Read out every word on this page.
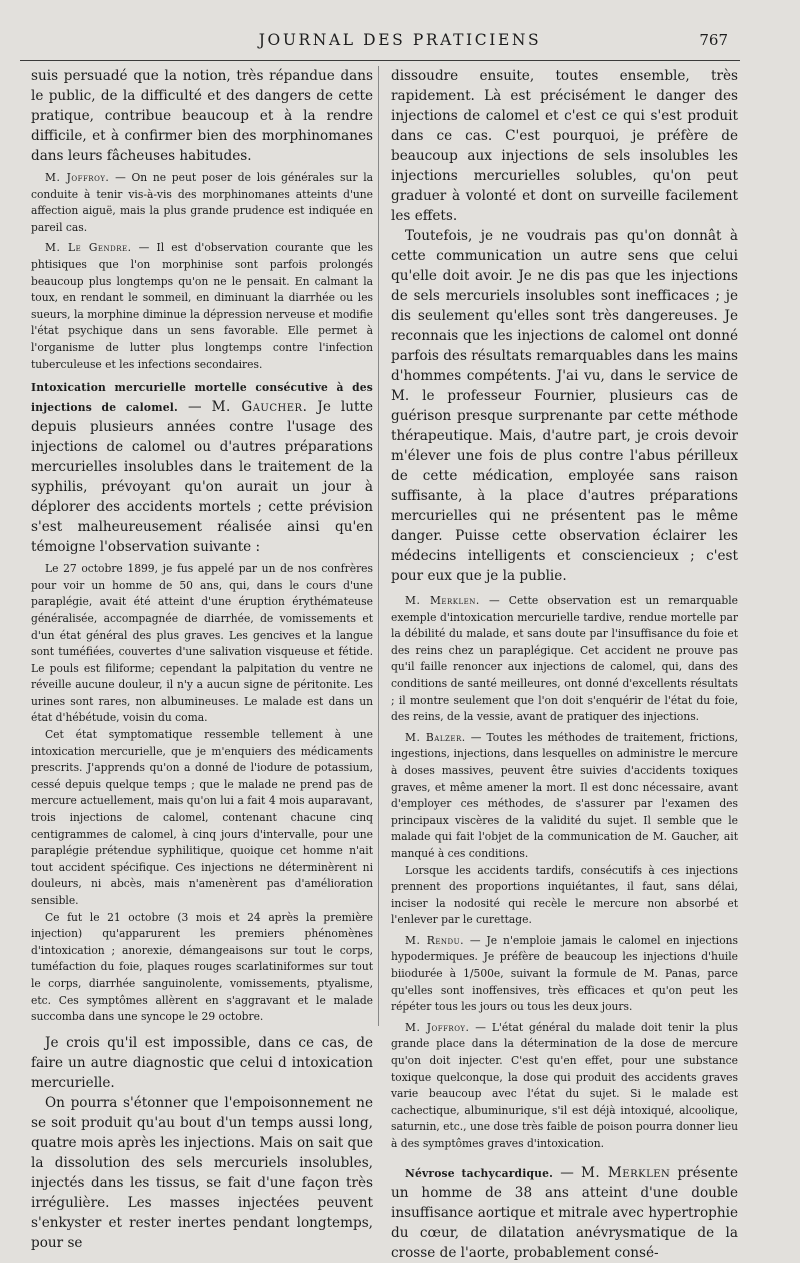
JOURNAL DES PRATICIENS	767

suis persuadé que la notion, très répandue dans le public, de la difficulté et des dangers de cette pratique, contribue beaucoup et à la rendre difficile, et à confirmer bien des morphinomanes dans leurs fâcheuses habitudes.

M. Joffroy. — On ne peut poser de lois générales sur la conduite à tenir vis-à-vis des morphinomanes atteints d'une affection aiguë, mais la plus grande prudence est indiquée en pareil cas.

M. Le Gendre. — Il est d'observation courante que les phtisiques que l'on morphinise sont parfois prolongés beaucoup plus longtemps qu'on ne le pensait. En calmant la toux, en rendant le sommeil, en diminuant la diarrhée ou les sueurs, la morphine diminue la dépression nerveuse et modifie l'état psychique dans un sens favorable. Elle permet à l'organisme de lutter plus longtemps contre l'infection tuberculeuse et les infections secondaires.

Intoxication mercurielle mortelle consécutive à des injections de calomel. — M. Gaucher. Je lutte depuis plusieurs années contre l'usage des injections de calomel ou d'autres préparations mercurielles insolubles dans le traitement de la syphilis, prévoyant qu'on aurait un jour à déplorer des accidents mortels ; cette prévision s'est malheureusement réalisée ainsi qu'en témoigne l'observation suivante :

Le 27 octobre 1899, je fus appelé par un de nos confrères pour voir un homme de 50 ans, qui, dans le cours d'une paraplégie, avait été atteint d'une éruption érythémateuse généralisée, accompagnée de diarrhée, de vomissements et d'un état général des plus graves. Les gencives et la langue sont tuméfiées, couvertes d'une salivation visqueuse et fétide. Le pouls est filiforme; cependant la palpitation du ventre ne réveille aucune douleur, il n'y a aucun signe de péritonite. Les urines sont rares, non albumineuses. Le malade est dans un état d'hébétude, voisin du coma.

Cet état symptomatique ressemble tellement à une intoxication mercurielle, que je m'enquiers des médicaments prescrits. J'apprends qu'on a donné de l'iodure de potassium, cessé depuis quelque temps ; que le malade ne prend pas de mercure actuellement, mais qu'on lui a fait 4 mois auparavant, trois injections de calomel, contenant chacune cinq centigrammes de calomel, à cinq jours d'intervalle, pour une paraplégie prétendue syphilitique, quoique cet homme n'ait tout accident spécifique. Ces injections ne déterminèrent ni douleurs, ni abcès, mais n'amenèrent pas d'amélioration sensible.

Ce fut le 21 octobre (3 mois et 24 après la première injection) qu'apparurent les premiers phénomènes d'intoxication ; anorexie, démangeaisons sur tout le corps, tuméfaction du foie, plaques rouges scarlatiniformes sur tout le corps, diarrhée sanguinolente, vomissements, ptyalisme, etc. Ces symptômes allèrent en s'aggravant et le malade succomba dans une syncope le 29 octobre.

Je crois qu'il est impossible, dans ce cas, de faire un autre diagnostic que celui d intoxication mercurielle.

On pourra s'étonner que l'empoisonnement ne se soit produit qu'au bout d'un temps aussi long, quatre mois après les injections. Mais on sait que la dissolution des sels mercuriels insolubles, injectés dans les tissus, se fait d'une façon très irrégulière. Les masses injectées peuvent s'enkyster et rester inertes pendant longtemps, pour se

dissoudre ensuite, toutes ensemble, très rapidement. Là est précisément le danger des injections de calomel et c'est ce qui s'est produit dans ce cas. C'est pourquoi, je préfère de beaucoup aux injections de sels insolubles les injections mercurielles solubles, qu'on peut graduer à volonté et dont on surveille facilement les effets.

Toutefois, je ne voudrais pas qu'on donnât à cette communication un autre sens que celui qu'elle doit avoir. Je ne dis pas que les injections de sels mercuriels insolubles sont inefficaces ; je dis seulement qu'elles sont très dangereuses. Je reconnais que les injections de calomel ont donné parfois des résultats remarquables dans les mains d'hommes compétents. J'ai vu, dans le service de M. le professeur Fournier, plusieurs cas de guérison presque surprenante par cette méthode thérapeutique. Mais, d'autre part, je crois devoir m'élever une fois de plus contre l'abus périlleux de cette médication, employée sans raison suffisante, à la place d'autres préparations mercurielles qui ne présentent pas le même danger. Puisse cette observation éclairer les médecins intelligents et consciencieux ; c'est pour eux que je la publie.

M. Merklen. — Cette observation est un remarquable exemple d'intoxication mercurielle tardive, rendue mortelle par la débilité du malade, et sans doute par l'insuffisance du foie et des reins chez un paraplégique. Cet accident ne prouve pas qu'il faille renoncer aux injections de calomel, qui, dans des conditions de santé meilleures, ont donné d'excellents résultats ; il montre seulement que l'on doit s'enquérir de l'état du foie, des reins, de la vessie, avant de pratiquer des injections.

M. Balzer. — Toutes les méthodes de traitement, frictions, ingestions, injections, dans lesquelles on administre le mercure à doses massives, peuvent être suivies d'accidents toxiques graves, et même amener la mort. Il est donc nécessaire, avant d'employer ces méthodes, de s'assurer par l'examen des principaux viscères de la validité du sujet. Il semble que le malade qui fait l'objet de la communication de M. Gaucher, ait manqué à ces conditions.

Lorsque les accidents tardifs, consécutifs à ces injections prennent des proportions inquiétantes, il faut, sans délai, inciser la nodosité qui recèle le mercure non absorbé et l'enlever par le curettage.

M. Rendu. — Je n'emploie jamais le calomel en injections hypodermiques. Je préfère de beaucoup les injections d'huile biiodurée à 1/500e, suivant la formule de M. Panas, parce qu'elles sont inoffensives, très efficaces et qu'on peut les répéter tous les jours ou tous les deux jours.

M. Joffroy. — L'état général du malade doit tenir la plus grande place dans la détermination de la dose de mercure qu'on doit injecter. C'est qu'en effet, pour une substance toxique quelconque, la dose qui produit des accidents graves varie beaucoup avec l'état du sujet. Si le malade est cachectique, albuminurique, s'il est déjà intoxiqué, alcoolique, saturnin, etc., une dose très faible de poison pourra donner lieu à des symptômes graves d'intoxication.

Névrose tachycardique. — M. Merklen présente un homme de 38 ans atteint d'une double insuffisance aortique et mitrale avec hypertrophie du cœur, de dilatation anévrysmatique de la crosse de l'aorte, probablement consé-
